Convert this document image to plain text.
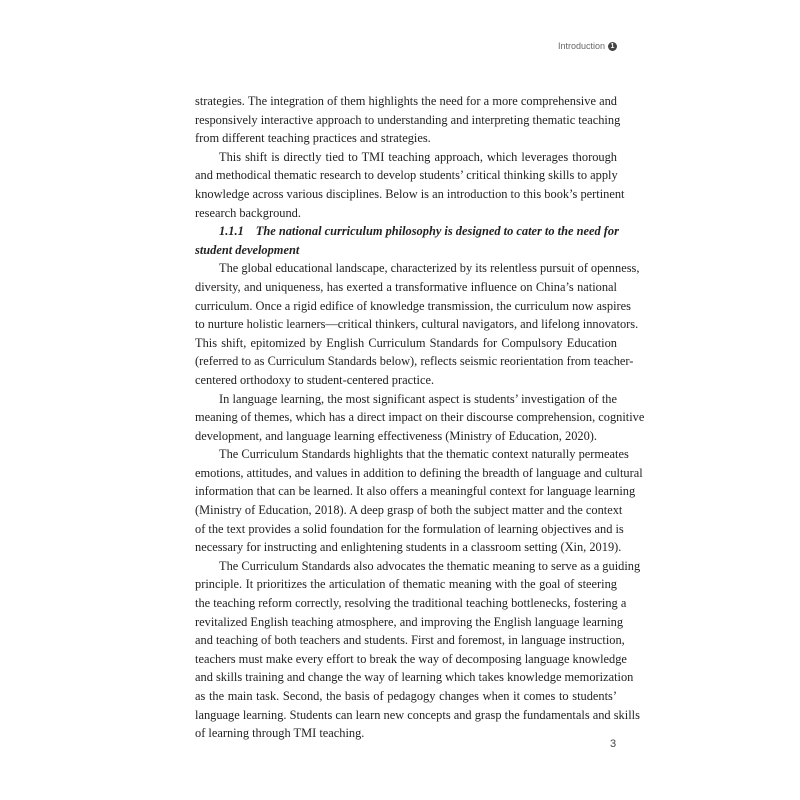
Introduction 1
strategies. The integration of them highlights the need for a more comprehensive and
responsively interactive approach to understanding and interpreting thematic teaching
from different teaching practices and strategies.
This shift is directly tied to TMI teaching approach, which leverages thorough
and methodical thematic research to develop students’ critical thinking skills to apply
knowledge across various disciplines. Below is an introduction to this book’s pertinent
research background.
1.1.1 The national curriculum philosophy is designed to cater to the need for
student development
The global educational landscape, characterized by its relentless pursuit of openness,
diversity, and uniqueness, has exerted a transformative influence on China’s national
curriculum. Once a rigid edifice of knowledge transmission, the curriculum now aspires
to nurture holistic learners—critical thinkers, cultural navigators, and lifelong innovators.
This shift, epitomized by English Curriculum Standards for Compulsory Education
(referred to as Curriculum Standards below), reflects seismic reorientation from teacher-
centered orthodoxy to student-centered practice.
In language learning, the most significant aspect is students’ investigation of the
meaning of themes, which has a direct impact on their discourse comprehension, cognitive
development, and language learning effectiveness (Ministry of Education, 2020).
The Curriculum Standards highlights that the thematic context naturally permeates
emotions, attitudes, and values in addition to defining the breadth of language and cultural
information that can be learned. It also offers a meaningful context for language learning
(Ministry of Education, 2018). A deep grasp of both the subject matter and the context
of the text provides a solid foundation for the formulation of learning objectives and is
necessary for instructing and enlightening students in a classroom setting (Xin, 2019).
The Curriculum Standards also advocates the thematic meaning to serve as a guiding
principle. It prioritizes the articulation of thematic meaning with the goal of steering
the teaching reform correctly, resolving the traditional teaching bottlenecks, fostering a
revitalized English teaching atmosphere, and improving the English language learning
and teaching of both teachers and students. First and foremost, in language instruction,
teachers must make every effort to break the way of decomposing language knowledge
and skills training and change the way of learning which takes knowledge memorization
as the main task. Second, the basis of pedagogy changes when it comes to students’
language learning. Students can learn new concepts and grasp the fundamentals and skills
of learning through TMI teaching.
3
